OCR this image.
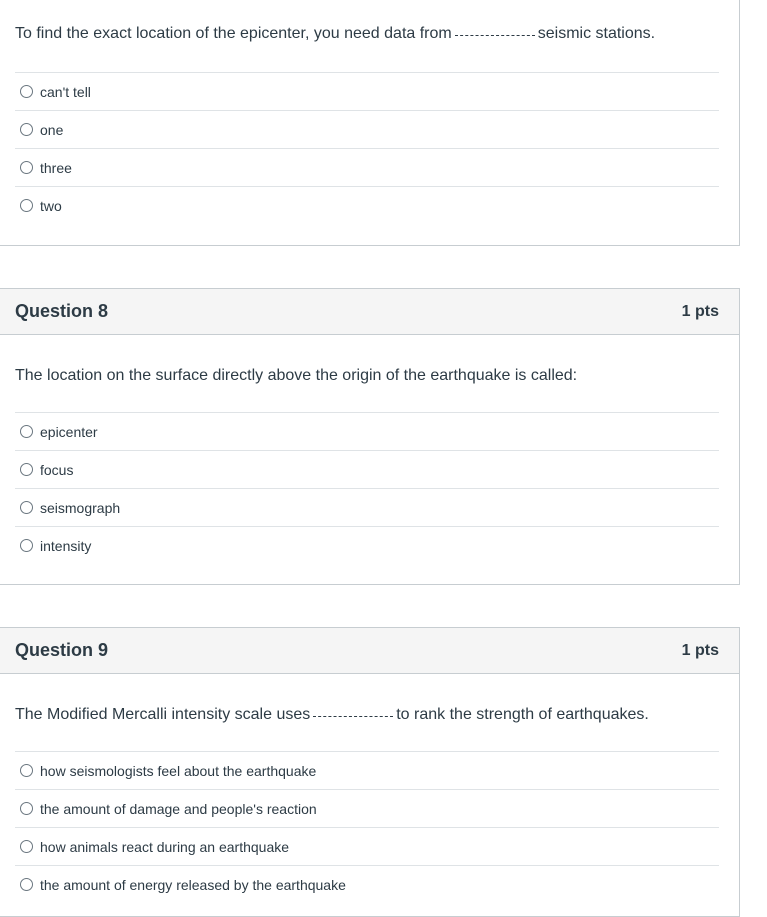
To find the exact location of the epicenter, you need data from	seismic stations.
can't tell
one
three
two
Question 8	1 pts
The location on the surface directly above the origin of the earthquake is called:
epicenter
focus
seismograph
intensity
Question 9	1 pts
The Modified Mercalli intensity scale uses	to rank the strength of earthquakes.
how seismologists feel about the earthquake
the amount of damage and people's reaction
how animals react during an earthquake
the amount of energy released by the earthquake
